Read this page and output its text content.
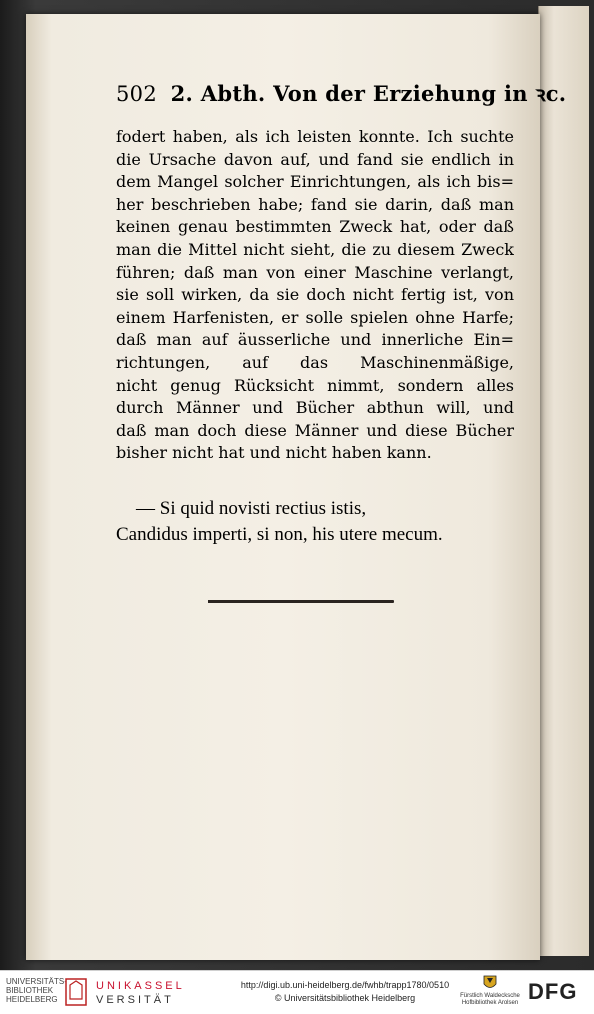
502 2. Abth. Von der Erziehung in ꝛc.
fodert haben, als ich leisten konnte. Ich suchte
die Ursache davon auf, und fand sie endlich in
dem Mangel solcher Einrichtungen, als ich bis=
her beschrieben habe; fand sie darin, daß man
keinen genau bestimmten Zweck hat, oder daß
man die Mittel nicht sieht, die zu diesem Zweck
führen; daß man von einer Maschine verlangt,
sie soll wirken, da sie doch nicht fertig ist, von
einem Harfenisten, er solle spielen ohne Harfe;
daß man auf äusserliche und innerliche Ein=
richtungen, auf das Maschinenmäßige,
nicht genug Rücksicht nimmt, sondern alles
durch Männer und Bücher abthun will, und
daß man doch diese Männer und diese Bücher
bisher nicht hat und nicht haben kann.
— Si quid novisti rectius istis,
Candidus imperti, si non, his utere mecum.
UNIVERSITÄTS-
BIBLIOTHEK
HEIDELBERG
UNIKASSEL
VERSITÄT
http://digi.ub.uni-heidelberg.de/fwhb/trapp1780/0510
© Universitätsbibliothek Heidelberg	Fürstlich Waldecksche
Hofbibliothek Arolsen DFG
